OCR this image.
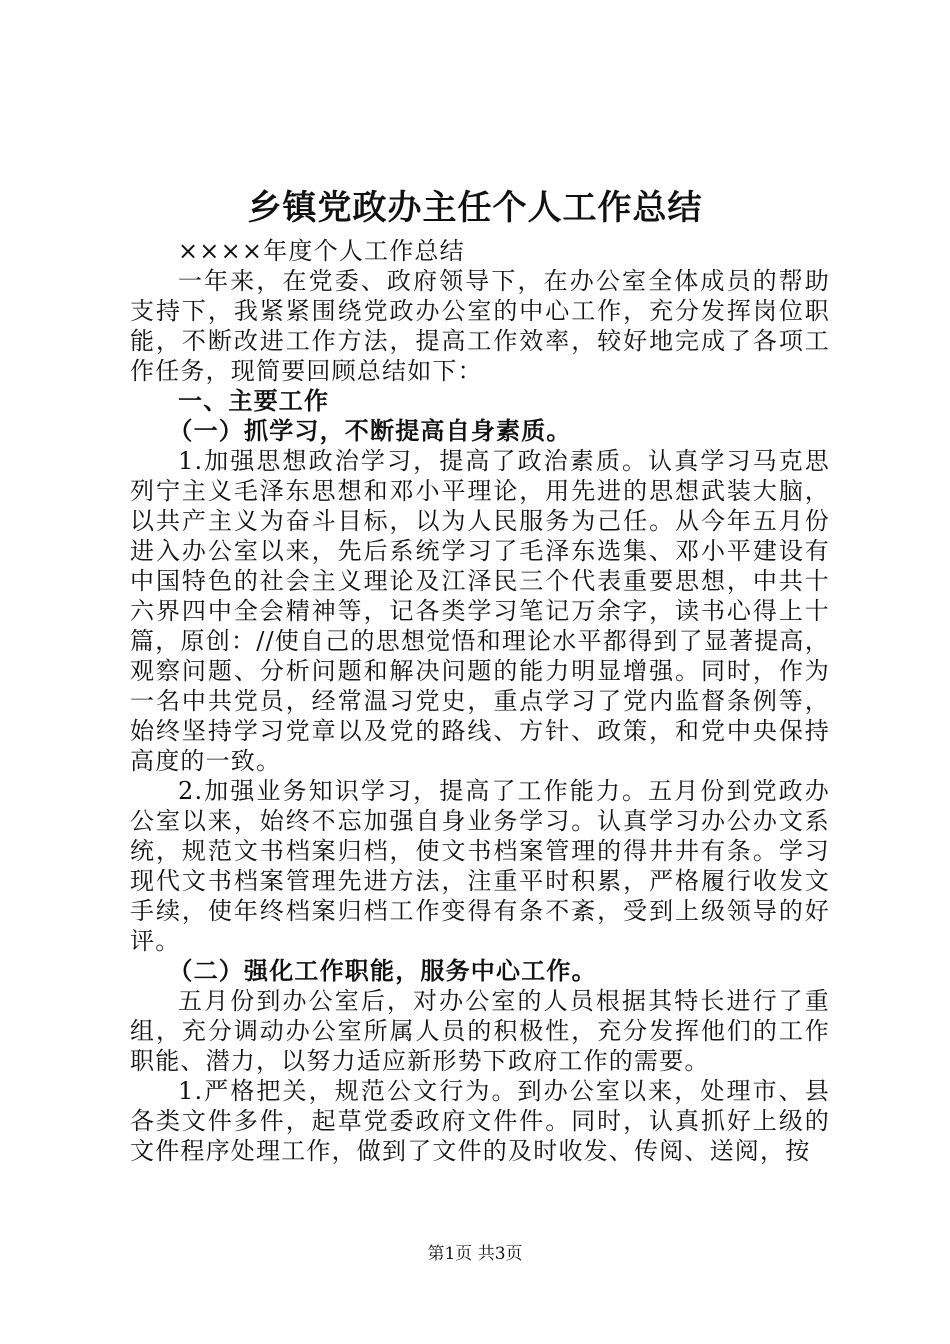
乡镇党政办主任个人工作总结

××××年度个人工作总结

一年来，在党委、政府领导下，在办公室全体成员的帮助支持下，我紧紧围绕党政办公室的中心工作，充分发挥岗位职能，不断改进工作方法，提高工作效率，较好地完成了各项工作任务，现简要回顾总结如下：

一、主要工作

（一）抓学习，不断提高自身素质。

1.加强思想政治学习，提高了政治素质。认真学习马克思列宁主义毛泽东思想和邓小平理论，用先进的思想武装大脑，以共产主义为奋斗目标，以为人民服务为己任。从今年五月份进入办公室以来，先后系统学习了毛泽东选集、邓小平建设有中国特色的社会主义理论及江泽民三个代表重要思想，中共十六界四中全会精神等，记各类学习笔记万余字，读书心得上十篇，原创：//使自己的思想觉悟和理论水平都得到了显著提高，观察问题、分析问题和解决问题的能力明显增强。同时，作为一名中共党员，经常温习党史，重点学习了党内监督条例等，始终坚持学习党章以及党的路线、方针、政策，和党中央保持高度的一致。

2.加强业务知识学习，提高了工作能力。五月份到党政办公室以来，始终不忘加强自身业务学习。认真学习办公办文系统，规范文书档案归档，使文书档案管理的得井井有条。学习现代文书档案管理先进方法，注重平时积累，严格履行收发文手续，使年终档案归档工作变得有条不紊，受到上级领导的好评。

（二）强化工作职能，服务中心工作。

五月份到办公室后，对办公室的人员根据其特长进行了重组，充分调动办公室所属人员的积极性，充分发挥他们的工作职能、潜力，以努力适应新形势下政府工作的需要。

1.严格把关，规范公文行为。到办公室以来，处理市、县各类文件多件，起草党委政府文件件。同时，认真抓好上级的文件程序处理工作，做到了文件的及时收发、传阅、送阅，按

第1页 共3页
